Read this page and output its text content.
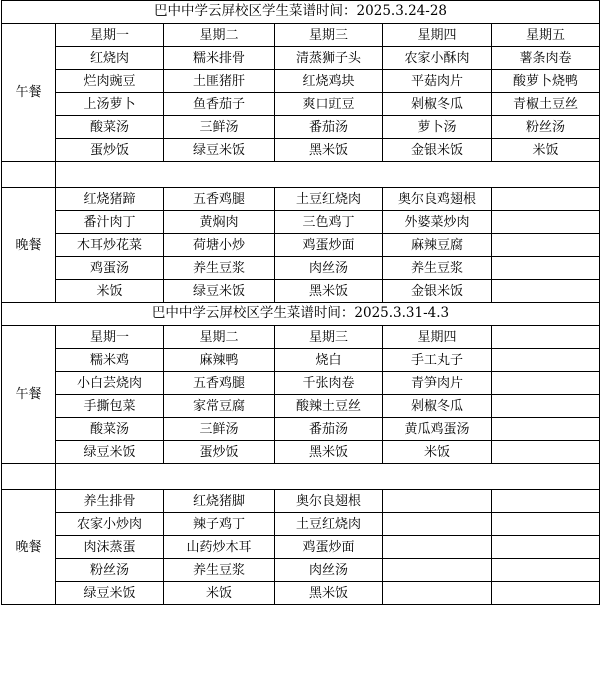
巴中中学云屏校区学生菜谱时间：2025.3.24-28					
午餐	星期一	星期二	星期三	星期四	星期五
	红烧肉	糯米排骨	清蒸狮子头	农家小酥肉	薯条肉卷
	烂肉豌豆	土匪猪肝	红烧鸡块	平菇肉片	酸萝卜烧鸭
	上汤萝卜	鱼香茄子	爽口豇豆	剁椒冬瓜	青椒土豆丝
	酸菜汤	三鲜汤	番茄汤	萝卜汤	粉丝汤
	蛋炒饭	绿豆米饭	黑米饭	金银米饭	米饭

晚餐	红烧猪蹄	五香鸡腿	土豆红烧肉	奥尔良鸡翅根	
	番汁肉丁	黄焖肉	三色鸡丁	外婆菜炒肉	
	木耳炒花菜	荷塘小炒	鸡蛋炒面	麻辣豆腐	
	鸡蛋汤	养生豆浆	肉丝汤	养生豆浆	
	米饭	绿豆米饭	黑米饭	金银米饭	
巴中中学云屏校区学生菜谱时间：2025.3.31-4.3					
午餐	星期一	星期二	星期三	星期四	
	糯米鸡	麻辣鸭	烧白	手工丸子	
	小白芸烧肉	五香鸡腿	千张肉卷	青笋肉片	
	手撕包菜	家常豆腐	酸辣土豆丝	剁椒冬瓜	
	酸菜汤	三鲜汤	番茄汤	黄瓜鸡蛋汤	
	绿豆米饭	蛋炒饭	黑米饭	米饭	

晚餐	养生排骨	红烧猪脚	奥尔良翅根		
	农家小炒肉	辣子鸡丁	土豆红烧肉		
	肉沫蒸蛋	山药炒木耳	鸡蛋炒面		
	粉丝汤	养生豆浆	肉丝汤		
	绿豆米饭	米饭	黑米饭		
